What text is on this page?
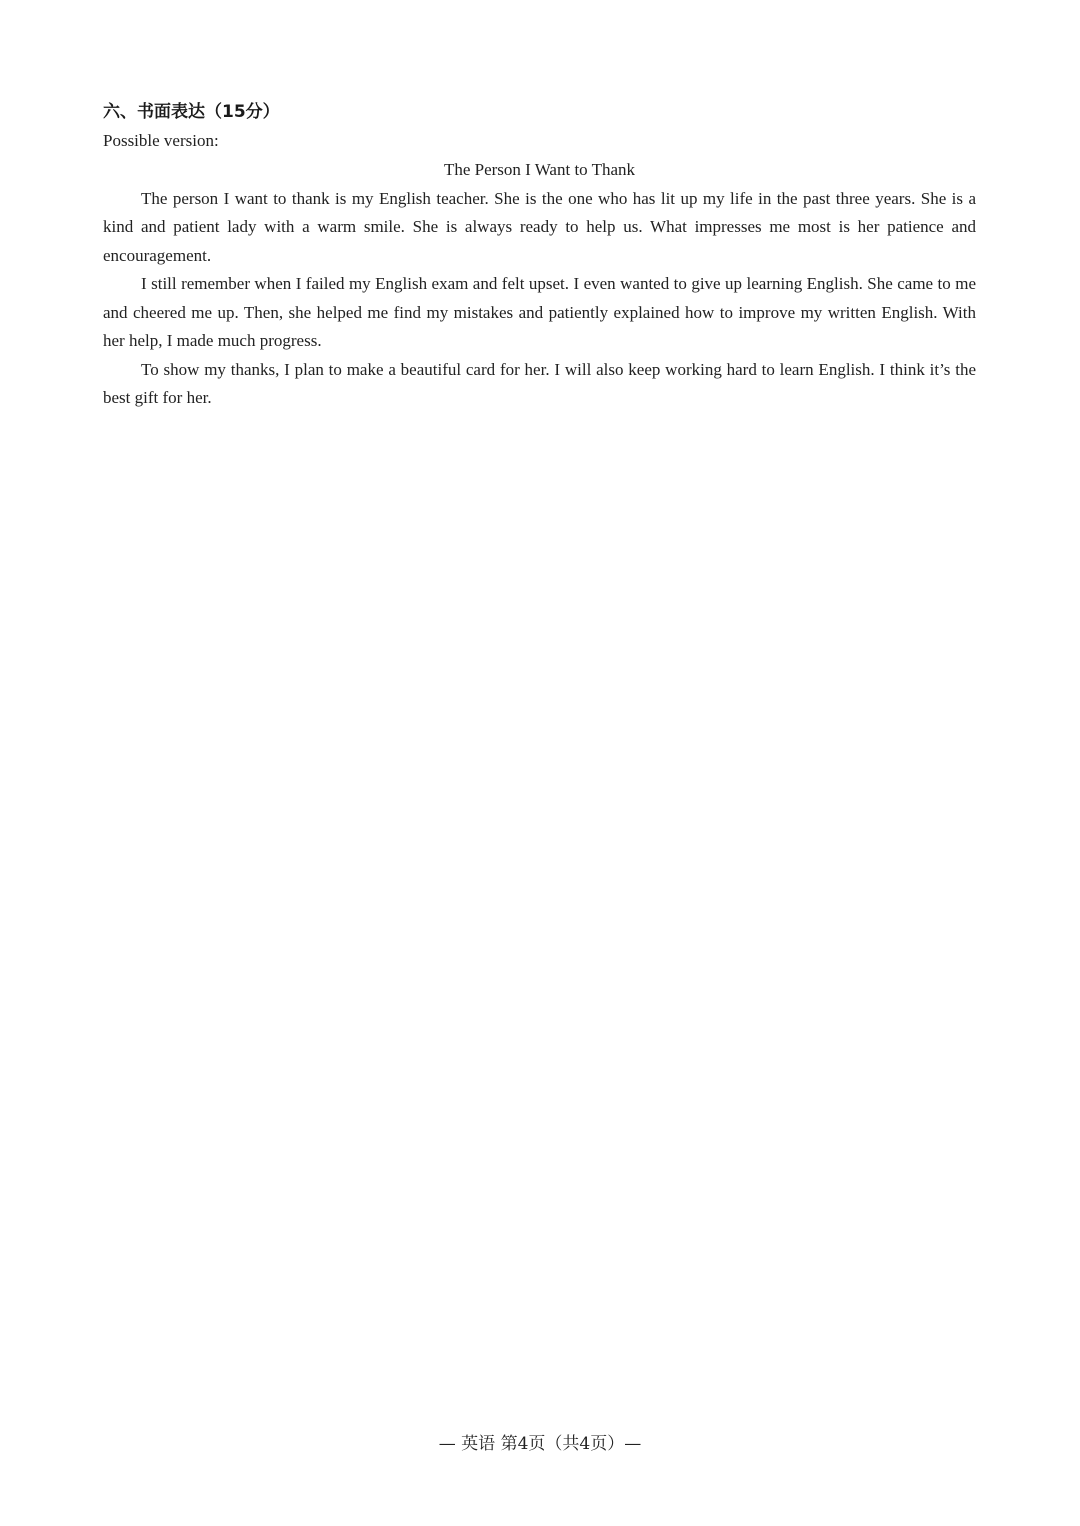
六、书面表达（15分）

Possible version:

The Person I Want to Thank

The person I want to thank is my English teacher. She is the one who has lit up my life in the past three years. She is a kind and patient lady with a warm smile. She is always ready to help us. What impresses me most is her patience and encouragement.

I still remember when I failed my English exam and felt upset. I even wanted to give up learning English. She came to me and cheered me up. Then, she helped me find my mistakes and patiently explained how to improve my written English. With her help, I made much progress.

To show my thanks, I plan to make a beautiful card for her. I will also keep working hard to learn English. I think it’s the best gift for her.

— 英语 第4页（共4页）—
